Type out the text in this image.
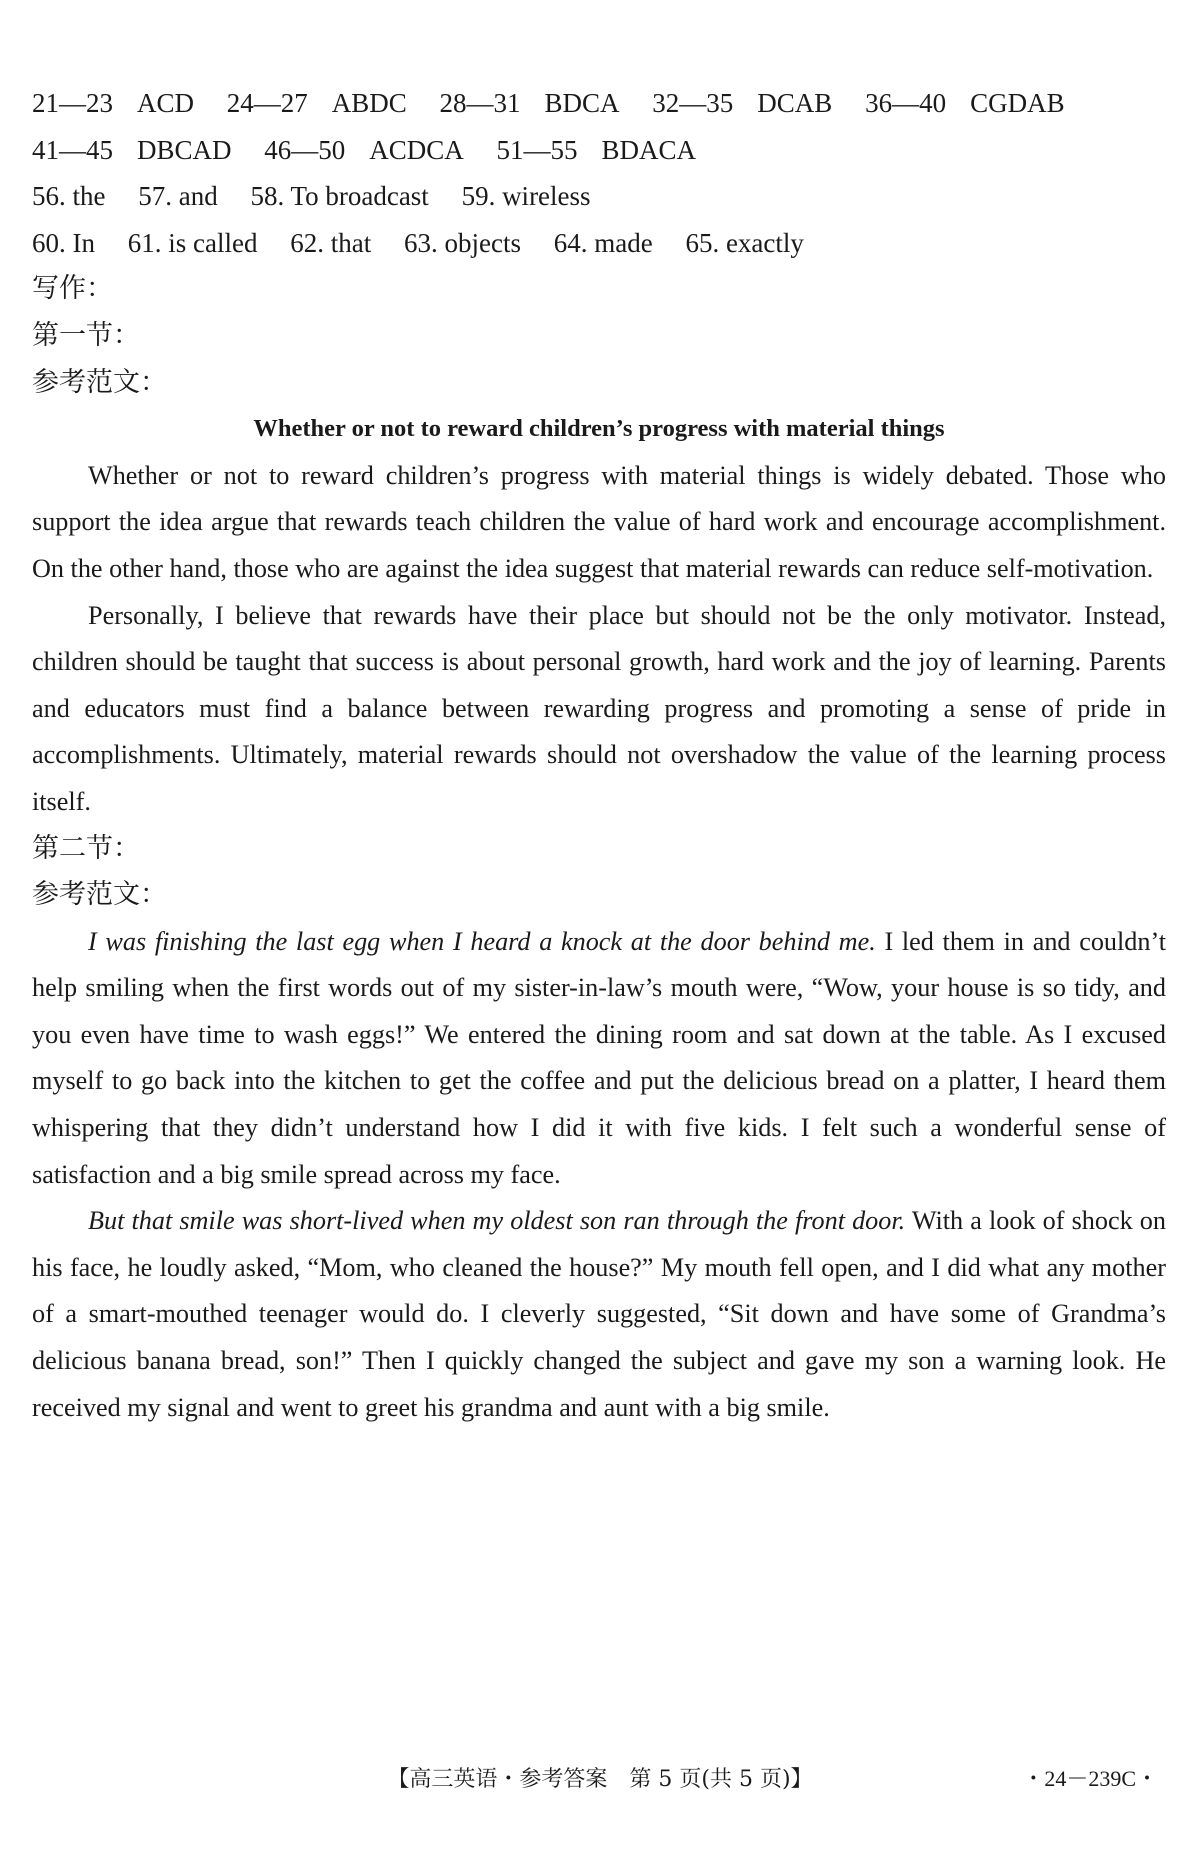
21—23 ACD 24—27 ABDC 28—31 BDCA 32—35 DCAB 36—40 CGDAB
41—45 DBCAD 46—50 ACDCA 51—55 BDACA
56. the 57. and 58. To broadcast 59. wireless
60. In 61. is called 62. that 63. objects 64. made 65. exactly
写作：
第一节：
参考范文：
Whether or not to reward children’s progress with material things

Whether or not to reward children’s progress with material things is widely debated. Those who support the idea argue that rewards teach children the value of hard work and encourage accomplishment. On the other hand, those who are against the idea suggest that material rewards can reduce self-motivation.

Personally, I believe that rewards have their place but should not be the only motivator. Instead, children should be taught that success is about personal growth, hard work and the joy of learning. Parents and educators must find a balance between rewarding progress and promoting a sense of pride in accomplishments. Ultimately, material rewards should not overshadow the value of the learning process itself.

第二节：
参考范文：

I was finishing the last egg when I heard a knock at the door behind me. I led them in and couldn’t help smiling when the first words out of my sister-in-law’s mouth were, “Wow, your house is so tidy, and you even have time to wash eggs!” We entered the dining room and sat down at the table. As I excused myself to go back into the kitchen to get the coffee and put the delicious bread on a platter, I heard them whispering that they didn’t understand how I did it with five kids. I felt such a wonderful sense of satisfaction and a big smile spread across my face.

But that smile was short-lived when my oldest son ran through the front door. With a look of shock on his face, he loudly asked, “Mom, who cleaned the house?” My mouth fell open, and I did what any mother of a smart-mouthed teenager would do. I cleverly suggested, “Sit down and have some of Grandma’s delicious banana bread, son!” Then I quickly changed the subject and gave my son a warning look. He received my signal and went to greet his grandma and aunt with a big smile.

【高三英语・参考答案　第 5 页(共 5 页)】	・24－239C・
